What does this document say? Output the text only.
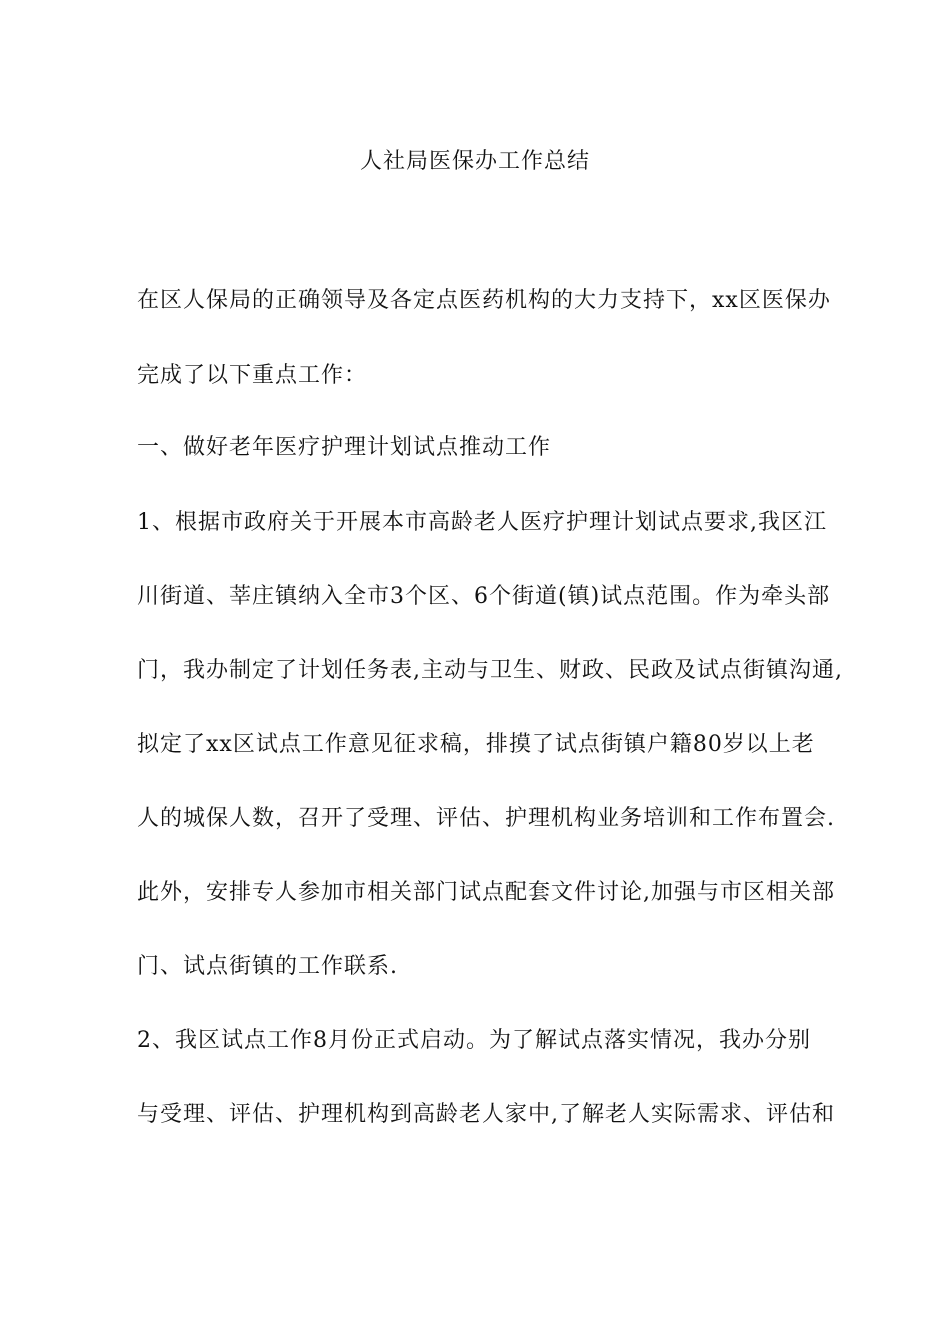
人社局医保办工作总结
在区人保局的正确领导及各定点医药机构的大力支持下，xx区医保办
完成了以下重点工作：
一、做好老年医疗护理计划试点推动工作
1、根据市政府关于开展本市高龄老人医疗护理计划试点要求,我区江
川街道、莘庄镇纳入全市3个区、6个街道(镇)试点范围。作为牵头部
门，我办制定了计划任务表,主动与卫生、财政、民政及试点街镇沟通,
拟定了xx区试点工作意见征求稿，排摸了试点街镇户籍80岁以上老
人的城保人数，召开了受理、评估、护理机构业务培训和工作布置会.
此外，安排专人参加市相关部门试点配套文件讨论,加强与市区相关部
门、试点街镇的工作联系.
2、我区试点工作8月份正式启动。为了解试点落实情况，我办分别
与受理、评估、护理机构到高龄老人家中,了解老人实际需求、评估和
